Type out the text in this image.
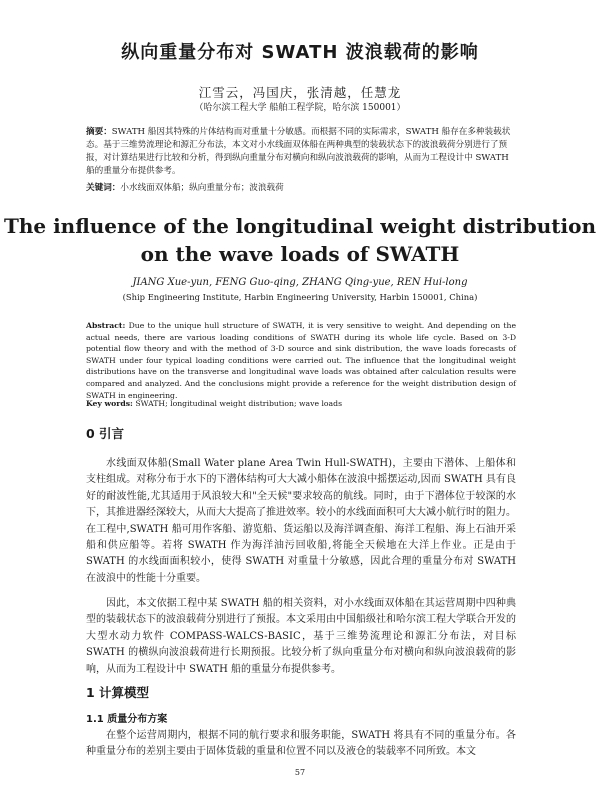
纵向重量分布对 SWATH 波浪载荷的影响
江雪云，冯国庆，张清越，任慧龙
（哈尔滨工程大学 船舶工程学院，哈尔滨 150001）
摘要：SWATH 船因其特殊的片体结构而对重量十分敏感。而根据不同的实际需求，SWATH 船存在多种装载状态。基于三维势流理论和源汇分布法，本文对小水线面双体船在两种典型的装载状态下的波浪载荷分别进行了预报，对计算结果进行比较和分析，得到纵向重量分布对横向和纵向波浪载荷的影响，从而为工程设计中 SWATH 船的重量分布提供参考。
关键词：小水线面双体船；纵向重量分布；波浪载荷
The influence of the longitudinal weight distribution
on the wave loads of SWATH
JIANG Xue-yun, FENG Guo-qing, ZHANG Qing-yue, REN Hui-long
(Ship Engineering Institute, Harbin Engineering University, Harbin 150001, China)
Abstract: Due to the unique hull structure of SWATH, it is very sensitive to weight. And depending on the actual needs, there are various loading conditions of SWATH during its whole life cycle. Based on 3-D potential flow theory and with the method of 3-D source and sink distribution, the wave loads forecasts of SWATH under four typical loading conditions were carried out. The influence that the longitudinal weight distributions have on the transverse and longitudinal wave loads was obtained after calculation results were compared and analyzed. And the conclusions might provide a reference for the weight distribution design of SWATH in engineering.
Key words: SWATH; longitudinal weight distribution; wave loads
0 引言
水线面双体船(Small Water plane Area Twin Hull-SWATH)，主要由下潜体、上船体和支柱组成。对称分布于水下的下潜体结构可大大减小船体在波浪中摇摆运动,因而 SWATH 具有良好的耐波性能,尤其适用于风浪较大和"全天候"要求较高的航线。同时，由于下潜体位于较深的水下，其推进器经深较大，从而大大提高了推进效率。较小的水线面面积可大大减小航行时的阻力。在工程中,SWATH 船可用作客船、游览船、货运船以及海洋调查船、海洋工程船、海上石油开采船和供应船等。若将 SWATH 作为海洋油污回收船,将能全天候地在大洋上作业。正是由于 SWATH 的水线面面积较小，使得 SWATH 对重量十分敏感，因此合理的重量分布对 SWATH 在波浪中的性能十分重要。
因此，本文依据工程中某 SWATH 船的相关资料，对小水线面双体船在其运营周期中四种典型的装载状态下的波浪载荷分别进行了预报。本文采用由中国船级社和哈尔滨工程大学联合开发的大型水动力软件 COMPASS-WALCS-BASIC，基于三维势流理论和源汇分布法，对目标 SWATH 的横纵向波浪载荷进行长期预报。比较分析了纵向重量分布对横向和纵向波浪载荷的影响，从而为工程设计中 SWATH 船的重量分布提供参考。
1 计算模型
1.1 质量分布方案
在整个运营周期内，根据不同的航行要求和服务职能，SWATH 将具有不同的重量分布。各种重量分布的差别主要由于固体货载的重量和位置不同以及液仓的装载率不同所致。本文
57
